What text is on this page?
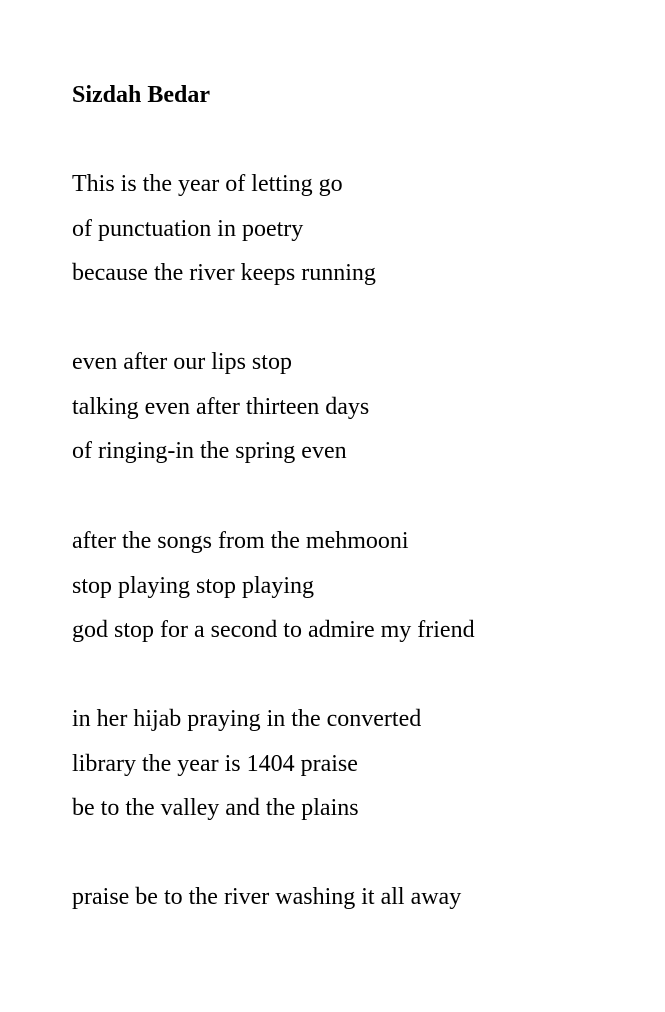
Sizdah Bedar
This is the year of letting go
of punctuation in poetry
because the river keeps running
even after our lips stop
talking even after thirteen days
of ringing-in the spring even
after the songs from the mehmooni
stop playing stop playing
god stop for a second to admire my friend
in her hijab praying in the converted
library the year is 1404 praise
be to the valley and the plains
praise be to the river washing it all away
